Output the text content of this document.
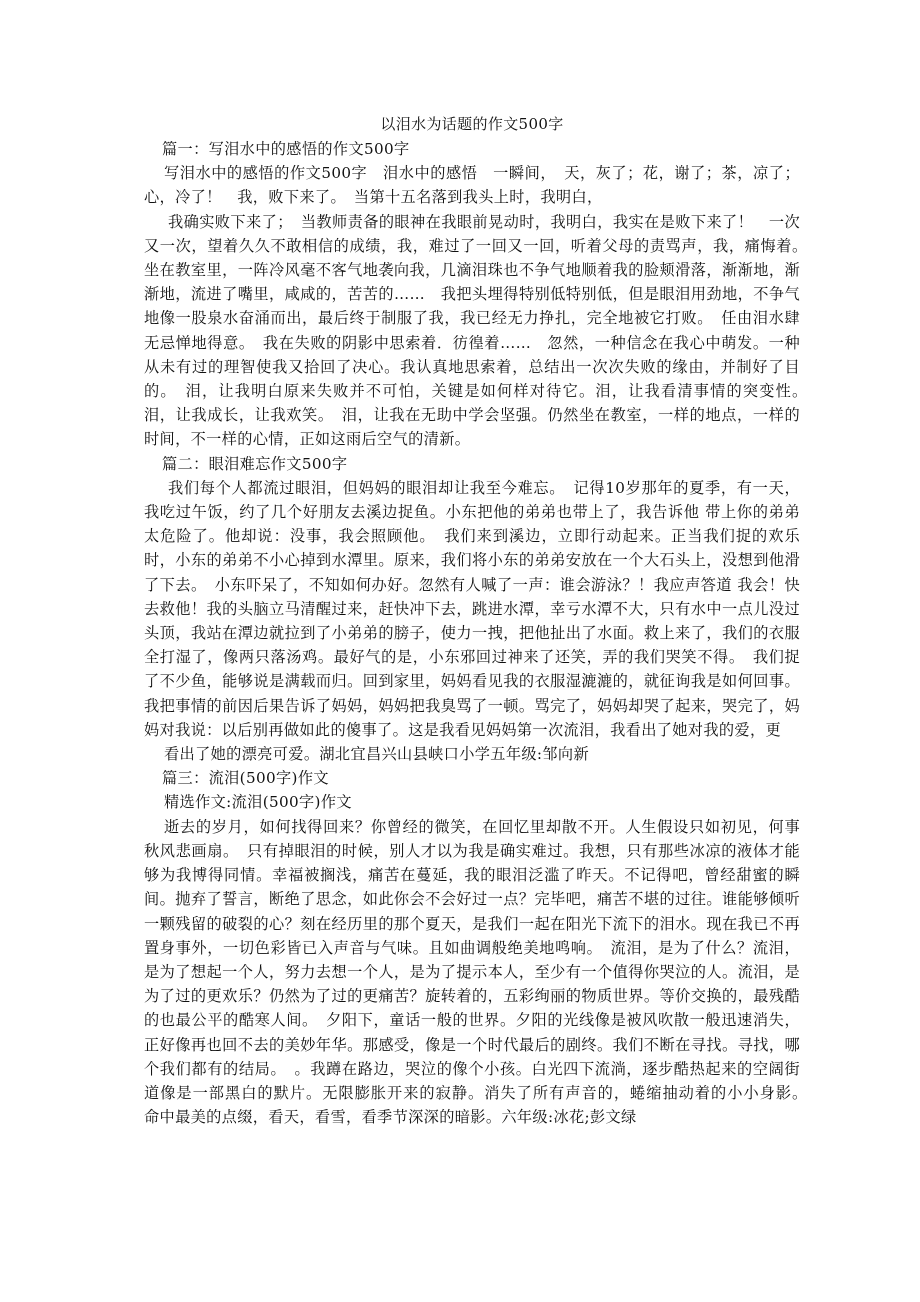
以泪水为话题的作文500字

篇一：写泪水中的感悟的作文500字

写泪水中的感悟的作文500字　泪水中的感悟　一瞬间，　天，灰了；花，谢了；茶，凉了；心，冷了！　我，败下来了。　当第十五名落到我头上时，我明白，

我确实败下来了；　当教师责备的眼神在我眼前晃动时，我明白，我实在是败下来了！　一次又一次，望着久久不敢相信的成绩，我，难过了一回又一回，听着父母的责骂声，我，痛悔着。　坐在教室里，一阵冷风毫不客气地袭向我，几滴泪珠也不争气地顺着我的脸颊滑落，渐渐地，渐渐地，流进了嘴里，咸咸的，苦苦的……　我把头埋得特别低特别低，但是眼泪用劲地，不争气地像一股泉水奋涌而出，最后终于制服了我，我已经无力挣扎，完全地被它打败。　任由泪水肆无忌惮地得意。　我在失败的阴影中思索着．彷徨着……　忽然，一种信念在我心中萌发。一种从未有过的理智使我又拾回了决心。我认真地思索着，总结出一次次失败的缘由，并制好了目的。　泪，让我明白原来失败并不可怕，关键是如何样对待它。泪，让我看清事情的突变性。　泪，让我成长，让我欢笑。　泪，让我在无助中学会坚强。仍然坐在教室，一样的地点，一样的时间，不一样的心情，正如这雨后空气的清新。

篇二：眼泪难忘作文500字

我们每个人都流过眼泪，但妈妈的眼泪却让我至今难忘。　记得10岁那年的夏季，有一天，我吃过午饭，约了几个好朋友去溪边捉鱼。小东把他的弟弟也带上了，我告诉他 带上你的弟弟太危险了。他却说：没事，我会照顾他。　我们来到溪边，立即行动起来。正当我们捉的欢乐时，小东的弟弟不小心掉到水潭里。原来，我们将小东的弟弟安放在一个大石头上，没想到他滑了下去。　小东吓呆了，不知如何办好。忽然有人喊了一声：谁会游泳？！我应声答道 我会！快去救他！我的头脑立马清醒过来，赶快冲下去，跳进水潭，幸亏水潭不大，只有水中一点儿没过头顶，我站在潭边就拉到了小弟弟的膀子，使力一拽，把他扯出了水面。救上来了，我们的衣服全打湿了，像两只落汤鸡。最好气的是，小东邪回过神来了还笑，弄的我们哭笑不得。　我们捉了不少鱼，能够说是满载而归。回到家里，妈妈看见我的衣服湿漉漉的，就征询我是如何回事。我把事情的前因后果告诉了妈妈，妈妈把我臭骂了一顿。骂完了，妈妈却哭了起来，哭完了，妈妈对我说：以后别再做如此的傻事了。这是我看见妈妈第一次流泪，我看出了她对我的爱，更

看出了她的漂亮可爱。湖北宜昌兴山县峡口小学五年级:邹向新

篇三：流泪(500字)作文

精选作文:流泪(500字)作文

逝去的岁月，如何找得回来？你曾经的微笑，在回忆里却散不开。人生假设只如初见，何事秋风悲画扇。　只有掉眼泪的时候，别人才以为我是确实难过。我想，只有那些冰凉的液体才能够为我博得同情。幸福被搁浅，痛苦在蔓延，我的眼泪泛滥了昨天。不记得吧，曾经甜蜜的瞬间。抛弃了誓言，断绝了思念，如此你会不会好过一点？完毕吧，痛苦不堪的过往。谁能够倾听一颗残留的破裂的心？刻在经历里的那个夏天，是我们一起在阳光下流下的泪水。现在我已不再置身事外，一切色彩皆已入声音与气味。且如曲调般绝美地鸣响。　流泪，是为了什么？流泪，是为了想起一个人，努力去想一个人，是为了提示本人，至少有一个值得你哭泣的人。流泪，是为了过的更欢乐？仍然为了过的更痛苦？旋转着的，五彩绚丽的物质世界。等价交换的，最残酷的也最公平的酷寒人间。　夕阳下，童话一般的世界。夕阳的光线像是被风吹散一般迅速消失，正好像再也回不去的美妙年华。那感受，像是一个时代最后的剧终。我们不断在寻找。寻找，哪个我们都有的结局。　。我蹲在路边，哭泣的像个小孩。白光四下流淌，逐步酷热起来的空阔街道像是一部黑白的默片。无限膨胀开来的寂静。消失了所有声音的，蜷缩抽动着的小小身影。　命中最美的点缀，看天，看雪，看季节深深的暗影。六年级:冰花;彭文绿
